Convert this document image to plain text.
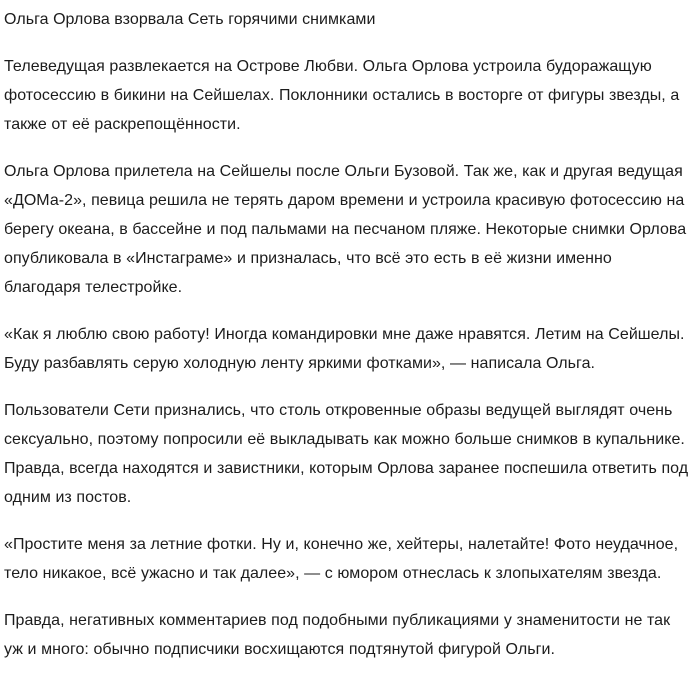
Ольга Орлова взорвала Сеть горячими снимками

Телеведущая развлекается на Острове Любви. Ольга Орлова устроила будоражащую фотосессию в бикини на Сейшелах. Поклонники остались в восторге от фигуры звезды, а также от её раскрепощённости.

Ольга Орлова прилетела на Сейшелы после Ольги Бузовой. Так же, как и другая ведущая «ДОМа-2», певица решила не терять даром времени и устроила красивую фотосессию на берегу океана, в бассейне и под пальмами на песчаном пляже. Некоторые снимки Орлова опубликовала в «Инстаграме» и призналась, что всё это есть в её жизни именно благодаря телестройке.

«Как я люблю свою работу! Иногда командировки мне даже нравятся. Летим на Сейшелы. Буду разбавлять серую холодную ленту яркими фотками», — написала Ольга.

Пользователи Сети признались, что столь откровенные образы ведущей выглядят очень сексуально, поэтому попросили её выкладывать как можно больше снимков в купальнике. Правда, всегда находятся и завистники, которым Орлова заранее поспешила ответить под одним из постов.

«Простите меня за летние фотки. Ну и, конечно же, хейтеры, налетайте! Фото неудачное, тело никакое, всё ужасно и так далее», — с юмором отнеслась к злопыхателям звезда.

Правда, негативных комментариев под подобными публикациями у знаменитости не так уж и много: обычно подписчики восхищаются подтянутой фигурой Ольги.
